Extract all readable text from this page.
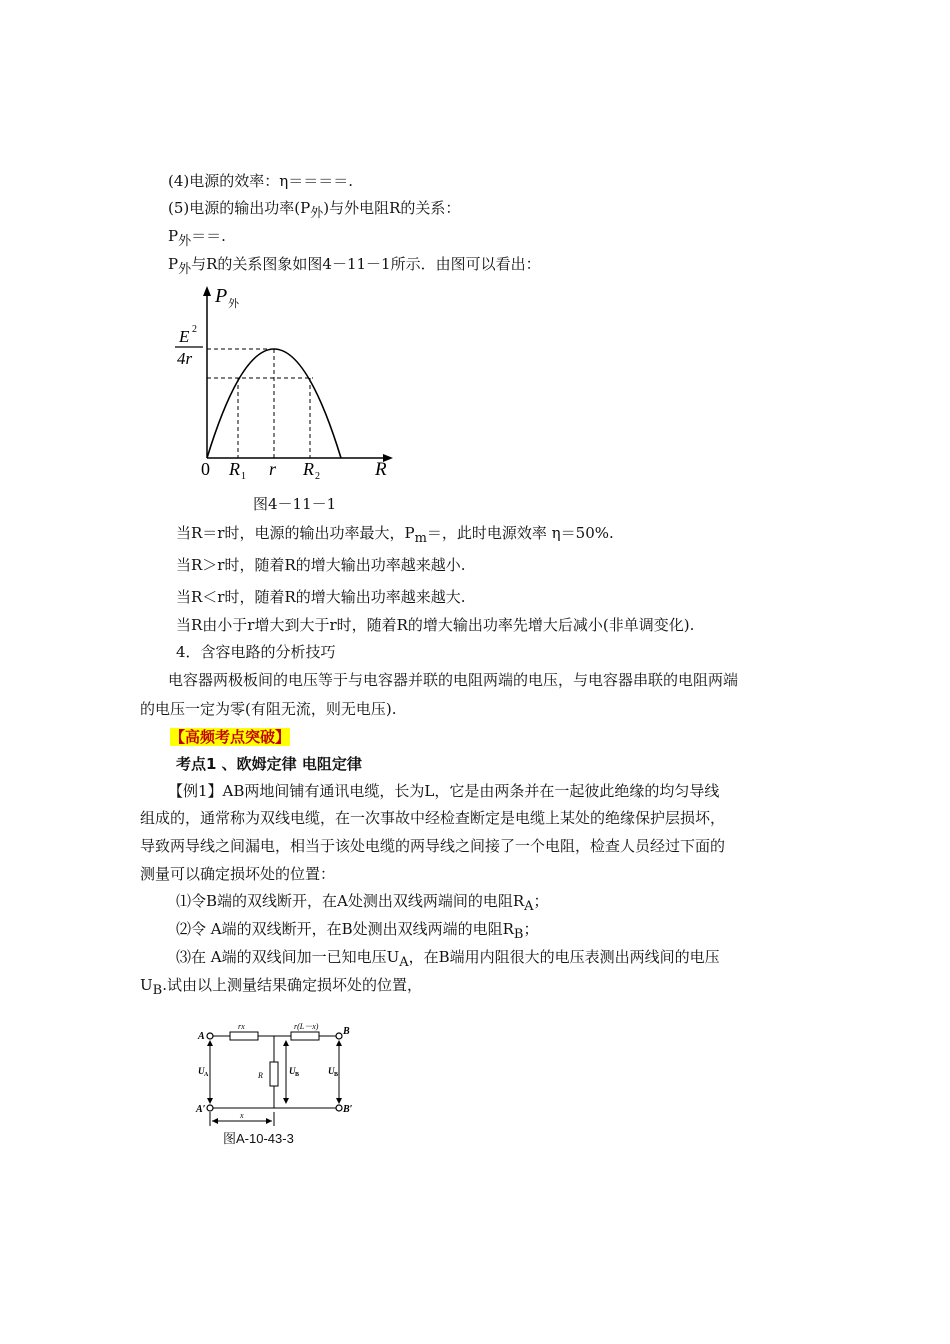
(4)电源的效率：η＝＝＝＝.
(5)电源的输出功率$(P_外)$与外电阻R的关系：
$P_外==$.
$P_外$与R的关系图象如图4－11－1所示．由图可以看出：
P 外
E 2
4r
0 R 1 r R 2	R
图4－11－1
当R＝r时，电源的输出功率最大，$P_m=$，此时电源效率 η＝50%.
当R＞r时，随着R的增大输出功率越来越小.
当R＜r时，随着R的增大输出功率越来越大.
当R由小于r增大到大于r时，随着R的增大输出功率先增大后减小(非单调变化).
4．含容电路的分析技巧
电容器两极板间的电压等于与电容器并联的电阻两端的电压，与电容器串联的电阻两端
的电压一定为零(有阻无流，则无电压).
【高频考点突破】
考点1 、欧姆定律 电阻定律
【例1】AB两地间铺有通讯电缆，长为L，它是由两条并在一起彼此绝缘的均匀导线
组成的，通常称为双线电缆，在一次事故中经检查断定是电缆上某处的绝缘保护层损坏，
导致两导线之间漏电，相当于该处电缆的两导线之间接了一个电阻，检查人员经过下面的
测量可以确定损坏处的位置：
⑴令B端的双线断开，在A处测出双线两端间的电阻$R_A$；
⑵令 A端的双线断开，在B处测出双线两端的电阻$R_B$；
⑶在 A端的双线间加一已知电压$U_A$，在B端用内阻很大的电压表测出两线间的电压
$U_B$.试由以上测量结果确定损坏处的位置，
A
A′
B
B′
rx	r(L－x)
R
U A	U B	U B
x
图A-10-43-3
